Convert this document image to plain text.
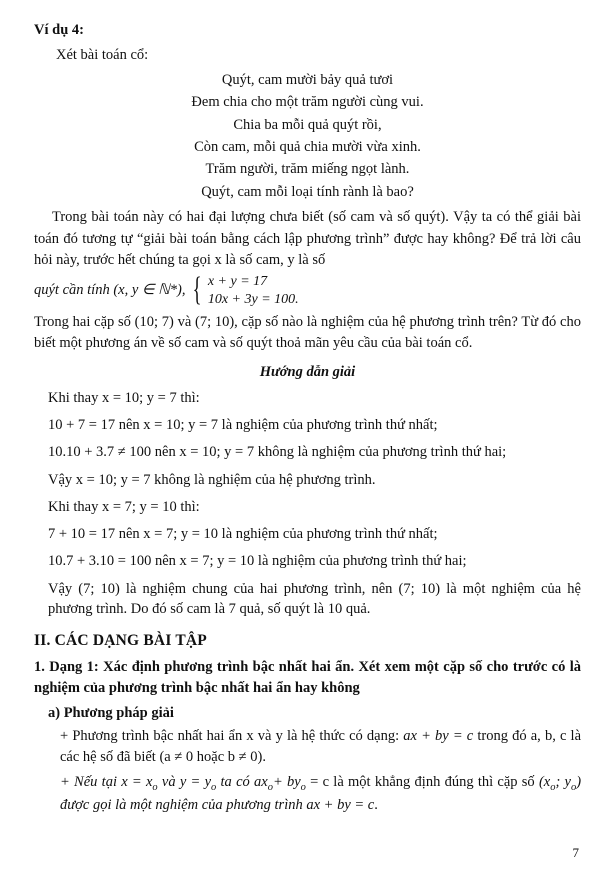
Ví dụ 4:

Xét bài toán cổ:

Quýt, cam mười bảy quả tươi
Đem chia cho một trăm người cùng vui.
Chia ba mỗi quả quýt rồi,
Còn cam, mỗi quả chia mười vừa xinh.
Trăm người, trăm miếng ngọt lành.
Quýt, cam mỗi loại tính rành là bao?

Trong bài toán này có hai đại lượng chưa biết (số cam và số quýt). Vậy ta có thể giải bài toán đó tương tự “giải bài toán bằng cách lập phương trình” được hay không? Để trả lời câu hỏi này, trước hết chúng ta gọi x là số cam, y là số

quýt cần tính (x, y ∈ ℕ*), { x + y = 17
10x + 3y = 100.

Trong hai cặp số (10; 7) và (7; 10), cặp số nào là nghiệm của hệ phương trình trên? Từ đó cho biết một phương án về số cam và số quýt thoả mãn yêu cầu của bài toán cổ.

Hướng dẫn giải
Khi thay x = 10; y = 7 thì:
10 + 7 = 17 nên x = 10; y = 7 là nghiệm của phương trình thứ nhất;
10.10 + 3.7 ≠ 100 nên x = 10; y = 7 không là nghiệm của phương trình thứ hai;
Vậy x = 10; y = 7 không là nghiệm của hệ phương trình.
Khi thay x = 7; y = 10 thì:
7 + 10 = 17 nên x = 7; y = 10 là nghiệm của phương trình thứ nhất;
10.7 + 3.10 = 100 nên x = 7; y = 10 là nghiệm của phương trình thứ hai;
Vậy (7; 10) là nghiệm chung của hai phương trình, nên (7; 10) là một nghiệm của hệ phương trình. Do đó số cam là 7 quả, số quýt là 10 quả.
II. CÁC DẠNG BÀI TẬP
1. Dạng 1: Xác định phương trình bậc nhất hai ẩn. Xét xem một cặp số cho trước có là nghiệm của phương trình bậc nhất hai ẩn hay không
a) Phương pháp giải
+ Phương trình bậc nhất hai ẩn x và y là hệ thức có dạng: ax + by = c trong đó a, b, c là các hệ số đã biết (a ≠ 0 hoặc b ≠ 0).
+ Nếu tại $x = x_o$ và $y = y_o$ ta có $ax_o+ by_o = c$ là một khẳng định đúng thì cặp số ($x_o$; $y_o$) được gọi là một nghiệm của phương trình ax + by = c.
7
